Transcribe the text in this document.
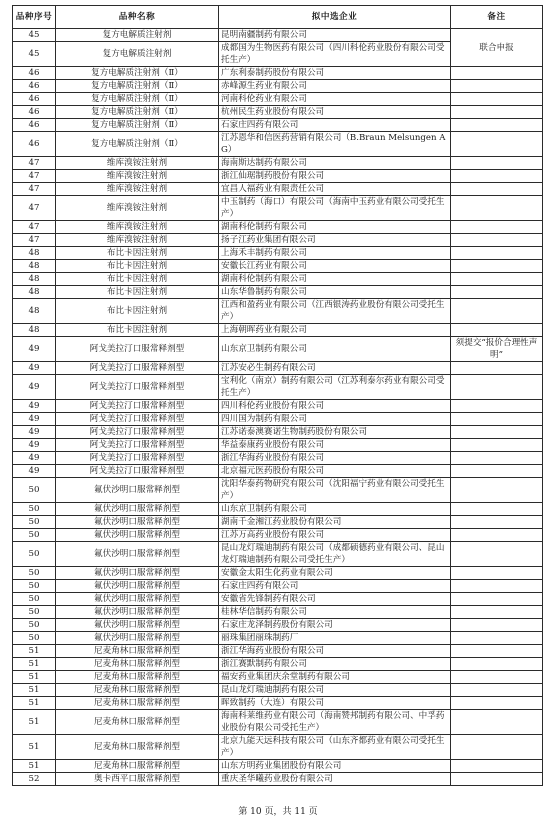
品种序号	品种名称	拟中选企业	备注
45	复方电解质注射剂	昆明南疆制药有限公司	联合申报
45	复方电解质注射剂	成都国为生物医药有限公司（四川科伦药业股份有限公司受托生产）	
46	复方电解质注射剂（Ⅱ）	广东利泰制药股份有限公司	
46	复方电解质注射剂（Ⅱ）	赤峰源生药业有限公司	
46	复方电解质注射剂（Ⅱ）	河南科伦药业有限公司	
46	复方电解质注射剂（Ⅱ）	杭州民生药业股份有限公司	
46	复方电解质注射剂（Ⅱ）	石家庄四药有限公司	
46	复方电解质注射剂（Ⅱ）	江苏恩华和信医药营销有限公司（B.Braun Melsungen AG）	
47	维库溴铵注射剂	海南斯达制药有限公司	
47	维库溴铵注射剂	浙江仙琚制药股份有限公司	
47	维库溴铵注射剂	宜昌人福药业有限责任公司	
47	维库溴铵注射剂	中玉制药（海口）有限公司（海南中玉药业有限公司受托生产）	
47	维库溴铵注射剂	湖南科伦制药有限公司	
47	维库溴铵注射剂	扬子江药业集团有限公司	
48	布比卡因注射剂	上海禾丰制药有限公司	
48	布比卡因注射剂	安徽长江药业有限公司	
48	布比卡因注射剂	湖南科伦制药有限公司	
48	布比卡因注射剂	山东华鲁制药有限公司	
48	布比卡因注射剂	江西和盈药业有限公司（江西银涛药业股份有限公司受托生产）	
48	布比卡因注射剂	上海朝晖药业有限公司	
49	阿戈美拉汀口服常释剂型	山东京卫制药有限公司	须提交“报价合理性声明”
49	阿戈美拉汀口服常释剂型	江苏安必生制药有限公司	
49	阿戈美拉汀口服常释剂型	宝利化（南京）制药有限公司（江苏利泰尔药业有限公司受托生产）	
49	阿戈美拉汀口服常释剂型	四川科伦药业股份有限公司	
49	阿戈美拉汀口服常释剂型	四川国为制药有限公司	
49	阿戈美拉汀口服常释剂型	江苏诺泰澳赛诺生物制药股份有限公司	
49	阿戈美拉汀口服常释剂型	华益泰康药业股份有限公司	
49	阿戈美拉汀口服常释剂型	浙江华海药业股份有限公司	
49	阿戈美拉汀口服常释剂型	北京福元医药股份有限公司	
50	氟伏沙明口服常释剂型	沈阳华泰药物研究有限公司（沈阳福宁药业有限公司受托生产）	
50	氟伏沙明口服常释剂型	山东京卫制药有限公司	
50	氟伏沙明口服常释剂型	湖南千金湘江药业股份有限公司	
50	氟伏沙明口服常释剂型	江苏万高药业股份有限公司	
50	氟伏沙明口服常释剂型	昆山龙灯瑞迪制药有限公司（成都硕德药业有限公司、昆山龙灯瑞迪制药有限公司受托生产）	
50	氟伏沙明口服常释剂型	安徽金太阳生化药业有限公司	
50	氟伏沙明口服常释剂型	石家庄四药有限公司	
50	氟伏沙明口服常释剂型	安徽省先锋制药有限公司	
50	氟伏沙明口服常释剂型	桂林华信制药有限公司	
50	氟伏沙明口服常释剂型	石家庄龙泽制药股份有限公司	
50	氟伏沙明口服常释剂型	丽珠集团丽珠制药厂	
51	尼麦角林口服常释剂型	浙江华海药业股份有限公司	
51	尼麦角林口服常释剂型	浙江赛默制药有限公司	
51	尼麦角林口服常释剂型	福安药业集团庆余堂制药有限公司	
51	尼麦角林口服常释剂型	昆山龙灯瑞迪制药有限公司	
51	尼麦角林口服常释剂型	晖致制药（大连）有限公司	
51	尼麦角林口服常释剂型	海南科莱维药业有限公司（海南赞邦制药有限公司、中孚药业股份有限公司受托生产）	
51	尼麦角林口服常释剂型	北京九能天远科技有限公司（山东齐都药业有限公司受托生产）	
51	尼麦角林口服常释剂型	山东方明药业集团股份有限公司	
52	奥卡西平口服常释剂型	重庆圣华曦药业股份有限公司	
第 10 页，共 11 页
